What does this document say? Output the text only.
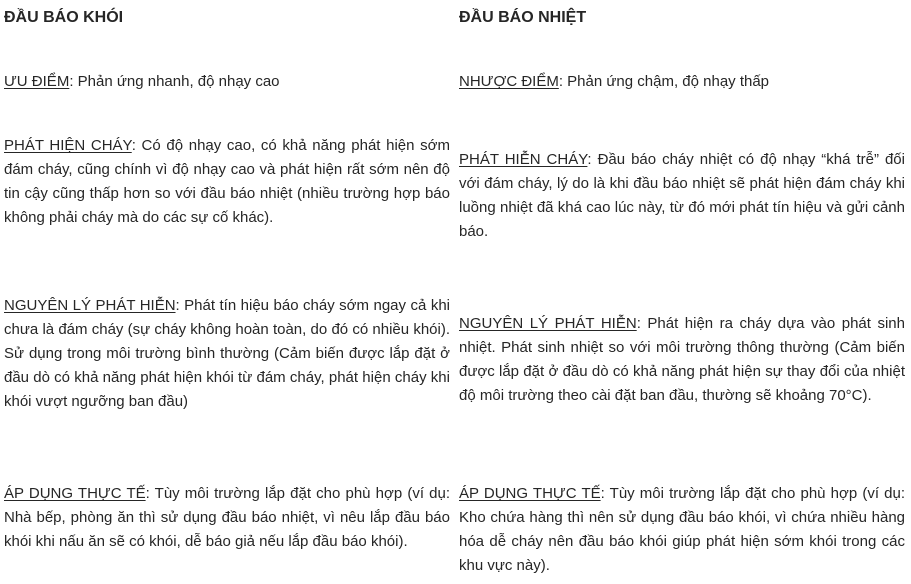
ĐẦU BÁO KHÓI

ƯU ĐIỂM: Phản ứng nhanh, độ nhạy cao

PHÁT HIỆN CHÁY: Có độ nhạy cao, có khả năng phát hiện sớm đám cháy, cũng chính vì độ nhạy cao và phát hiện rất sớm nên độ tin cậy cũng thấp hơn so với đầu báo nhiệt (nhiều trường hợp báo không phải cháy mà do các sự cố khác).

NGUYÊN LÝ PHÁT HIỄN: Phát tín hiệu báo cháy sớm ngay cả khi chưa là đám cháy (sự cháy không hoàn toàn, do đó có nhiều khói). Sử dụng trong môi trường bình thường (Cảm biến được lắp đặt ở đầu dò có khả năng phát hiện khói từ đám cháy, phát hiện cháy khi khói vượt ngưỡng ban đầu)

ÁP DỤNG THỰC TẾ: Tùy môi trường lắp đặt cho phù hợp (ví dụ: Nhà bếp, phòng ăn thì sử dụng đầu báo nhiệt, vì nêu lắp đầu báo khói khi nấu ăn sẽ có khói, dễ báo giả nếu lắp đầu báo khói).

ĐẦU BÁO NHIỆT

NHƯỢC ĐIỂM: Phản ứng chậm, độ nhạy thấp

PHÁT HIỄN CHÁY: Đầu báo cháy nhiệt có độ nhạy “khá trễ” đối với đám cháy, lý do là khi đầu báo nhiệt sẽ phát hiện đám cháy khi luồng nhiệt đã khá cao lúc này, từ đó mới phát tín hiệu và gửi cảnh báo.

NGUYÊN LÝ PHÁT HIỄN: Phát hiện ra cháy dựa vào phát sinh nhiệt. Phát sinh nhiệt so với môi trường thông thường (Cảm biến được lắp đặt ở đầu dò có khả năng phát hiện sự thay đổi của nhiệt độ môi trường theo cài đặt ban đầu, thường sẽ khoảng 70°C).

ÁP DỤNG THỰC TẾ: Tùy môi trường lắp đặt cho phù hợp (ví dụ: Kho chứa hàng thì nên sử dụng đầu báo khói, vì chứa nhiều hàng hóa dễ cháy nên đầu báo khói giúp phát hiện sớm khói trong các khu vực này).
